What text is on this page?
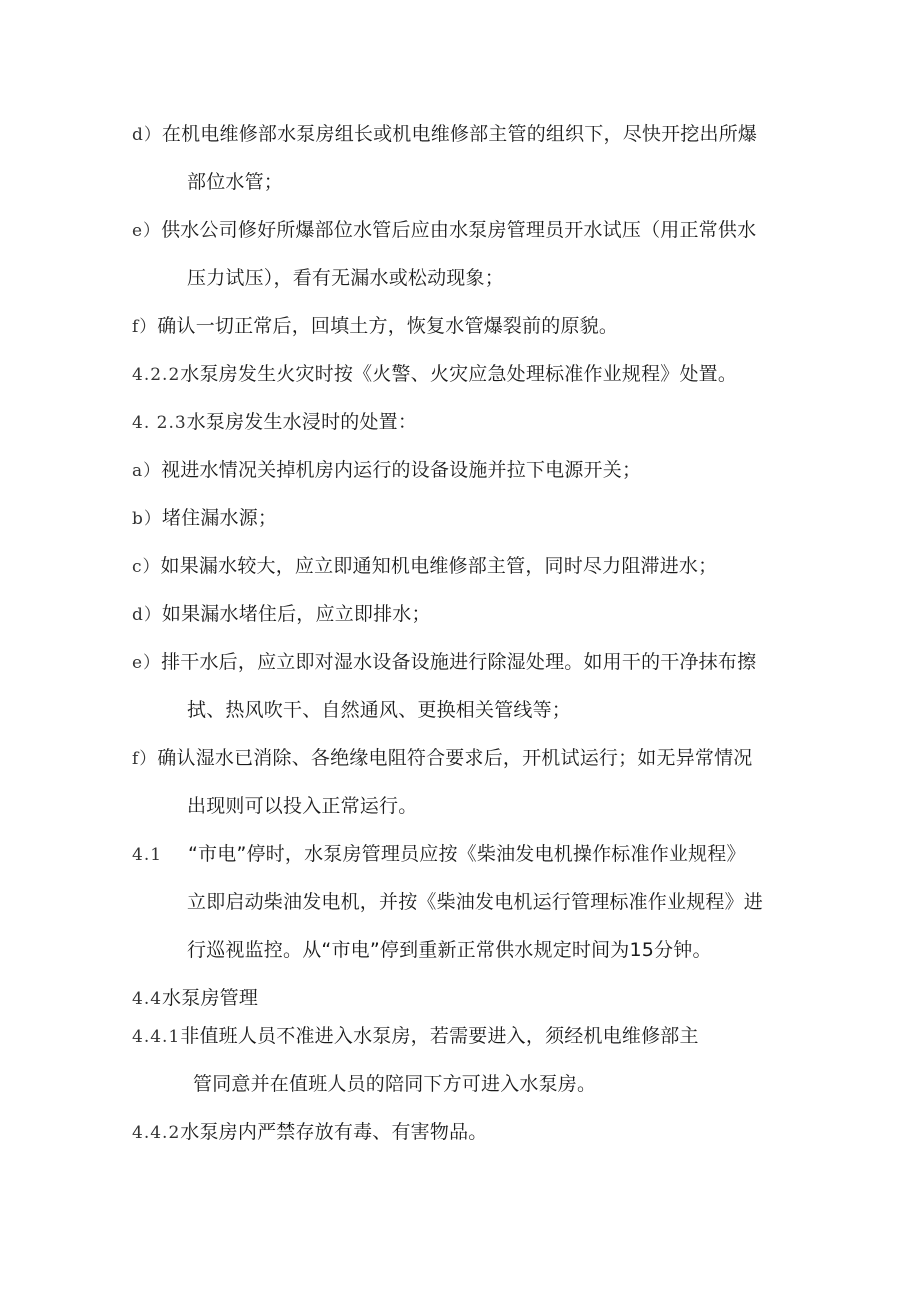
d）在机电维修部水泵房组长或机电维修部主管的组织下，尽快开挖出所爆
部位水管；
e）供水公司修好所爆部位水管后应由水泵房管理员开水试压（用正常供水
压力试压），看有无漏水或松动现象；
f）确认一切正常后，回填土方，恢复水管爆裂前的原貌。
4.2.2水泵房发生火灾时按《火警、火灾应急处理标准作业规程》处置。
4. 2.3水泵房发生水浸时的处置：
a）视进水情况关掉机房内运行的设备设施并拉下电源开关；
b）堵住漏水源；
c）如果漏水较大，应立即通知机电维修部主管，同时尽力阻滞进水；
d）如果漏水堵住后，应立即排水；
e）排干水后，应立即对湿水设备设施进行除湿处理。如用干的干净抹布擦
拭、热风吹干、自然通风、更换相关管线等；
f）确认湿水已消除、各绝缘电阻符合要求后，开机试运行；如无异常情况
出现则可以投入正常运行。
4.1 “市电”停时，水泵房管理员应按《柴油发电机操作标准作业规程》
立即启动柴油发电机，并按《柴油发电机运行管理标准作业规程》进
行巡视监控。从“市电”停到重新正常供水规定时间为15分钟。
4.4水泵房管理
4.4.1非值班人员不准进入水泵房，若需要进入，须经机电维修部主
管同意并在值班人员的陪同下方可进入水泵房。
4.4.2水泵房内严禁存放有毒、有害物品。
